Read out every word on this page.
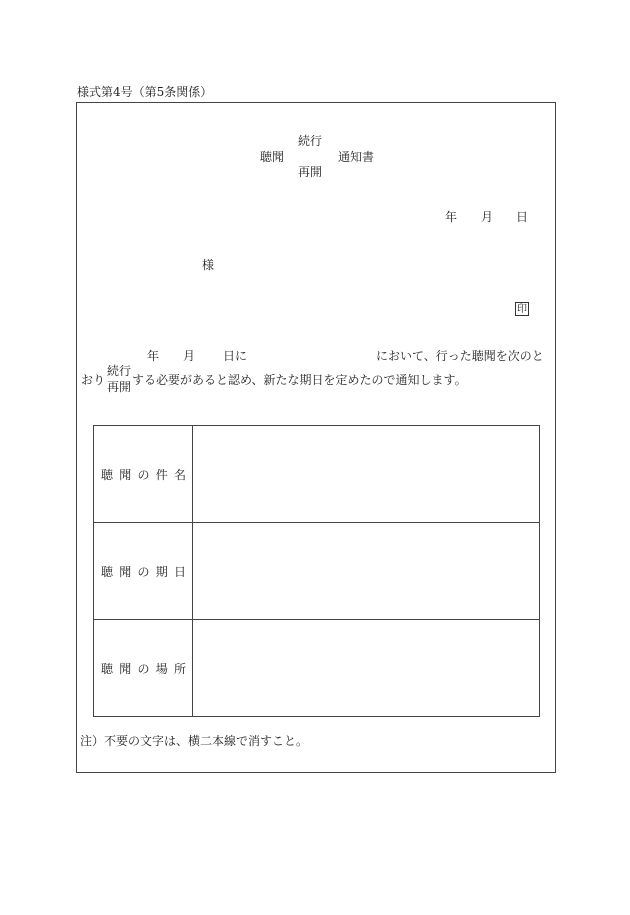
様式第4号（第5条関係）
聴聞
続行
再開
通知書
年 月 日
様
印
年 月 日に	において、行った聴聞を次のと
おり
続行
再開 する必要があると認め、新たな期日を定めたので通知します。
聴 聞 の 件 名	

聴 聞 の 期 日	

聴 聞 の 場 所	

注）不要の文字は、横二本線で消すこと。
